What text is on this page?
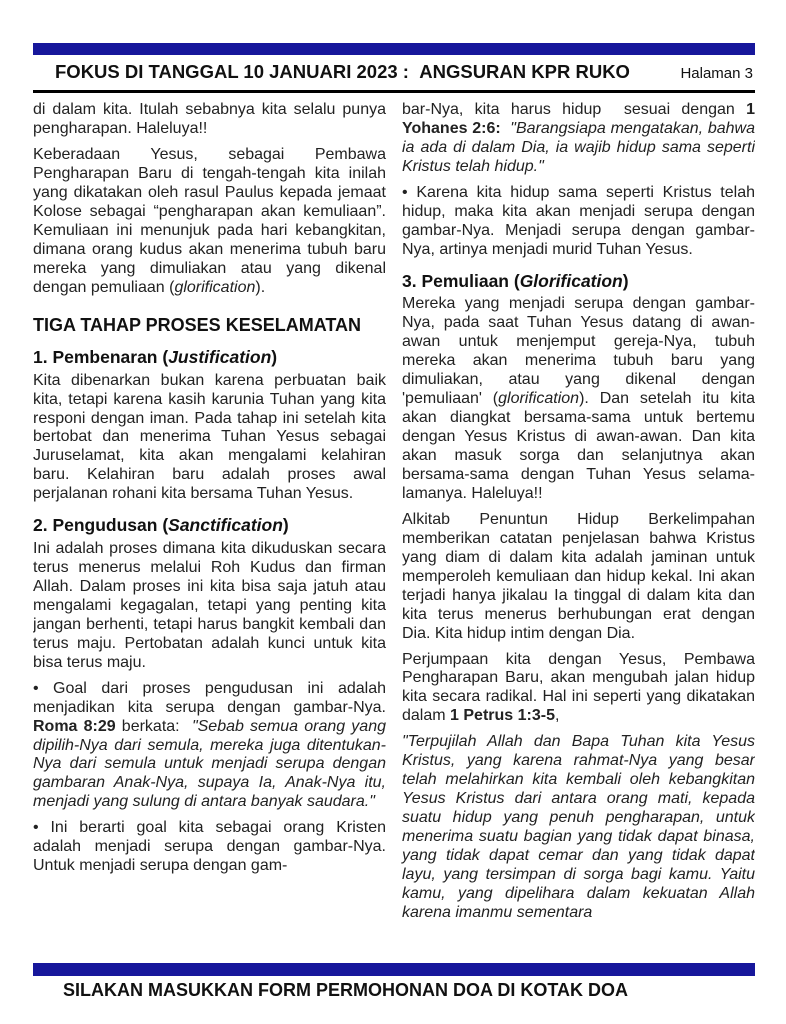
FOKUS DI TANGGAL 10 JANUARI 2023 :  ANGSURAN KPR RUKO	Halaman 3

di dalam kita. Itulah sebabnya kita selalu punya pengharapan. Haleluya!!

Keberadaan Yesus, sebagai Pembawa Pengharapan Baru di tengah-tengah kita inilah yang dikatakan oleh rasul Paulus kepada jemaat Kolose sebagai “pengharapan akan kemuliaan”. Kemuliaan ini menunjuk pada hari kebangkitan, dimana orang kudus akan menerima tubuh baru mereka yang dimuliakan atau yang dikenal dengan pemuliaan (glorification).

TIGA TAHAP PROSES KESELAMATAN
1. Pembenaran (Justification)

Kita dibenarkan bukan karena perbuatan baik kita, tetapi karena kasih karunia Tuhan yang kita responi dengan iman. Pada tahap ini setelah kita bertobat dan menerima Tuhan Yesus sebagai Juruselamat, kita akan mengalami kelahiran baru. Kelahiran baru adalah proses awal perjalanan rohani kita bersama Tuhan Yesus.

2. Pengudusan (Sanctification)

Ini adalah proses dimana kita dikuduskan secara terus menerus melalui Roh Kudus dan firman Allah. Dalam proses ini kita bisa saja jatuh atau mengalami kegagalan, tetapi yang penting kita jangan berhenti, tetapi harus bangkit kembali dan terus maju. Pertobatan adalah kunci untuk kita bisa terus maju.

• Goal dari proses pengudusan ini adalah menjadikan kita serupa dengan gambar-Nya. Roma 8:29 berkata:  "Sebab semua orang yang dipilih-Nya dari semula, mereka juga ditentukan-Nya dari semula untuk menjadi serupa dengan gambaran Anak-Nya, supaya Ia, Anak-Nya itu, menjadi yang sulung di antara banyak saudara."

• Ini berarti goal kita sebagai orang Kristen adalah menjadi serupa dengan gambar-Nya. Untuk menjadi serupa dengan gam-

bar-Nya, kita harus hidup  sesuai dengan 1 Yohanes 2:6:  "Barangsiapa mengatakan, bahwa ia ada di dalam Dia, ia wajib hidup sama seperti Kristus telah hidup."

• Karena kita hidup sama seperti Kristus telah hidup, maka kita akan menjadi serupa dengan gambar-Nya. Menjadi serupa dengan gambar-Nya, artinya menjadi murid Tuhan Yesus.

3. Pemuliaan (Glorification)

Mereka yang menjadi serupa dengan gambar-Nya, pada saat Tuhan Yesus datang di awan-awan untuk menjemput gereja-Nya, tubuh mereka akan menerima tubuh baru yang dimuliakan, atau yang dikenal dengan 'pemuliaan' (glorification). Dan setelah itu kita akan diangkat bersama-sama untuk bertemu dengan Yesus Kristus di awan-awan. Dan kita akan masuk sorga dan selanjutnya akan bersama-sama dengan Tuhan Yesus selama-lamanya. Haleluya!!

Alkitab Penuntun Hidup Berkelimpahan memberikan catatan penjelasan bahwa Kristus yang diam di dalam kita adalah jaminan untuk memperoleh kemuliaan dan hidup kekal. Ini akan terjadi hanya jikalau Ia tinggal di dalam kita dan kita terus menerus berhubungan erat dengan Dia. Kita hidup intim dengan Dia.

Perjumpaan kita dengan Yesus, Pembawa Pengharapan Baru, akan mengubah jalan hidup kita secara radikal. Hal ini seperti yang dikatakan dalam 1 Petrus 1:3-5,

"Terpujilah Allah dan Bapa Tuhan kita Yesus Kristus, yang karena rahmat-Nya yang besar telah melahirkan kita kembali oleh kebangkitan Yesus Kristus dari antara orang mati, kepada suatu hidup yang penuh pengharapan, untuk menerima suatu bagian yang tidak dapat binasa, yang tidak dapat cemar dan yang tidak dapat layu, yang tersimpan di sorga bagi kamu. Yaitu kamu, yang dipelihara dalam kekuatan Allah karena imanmu sementara

SILAKAN MASUKKAN FORM PERMOHONAN DOA DI KOTAK DOA
